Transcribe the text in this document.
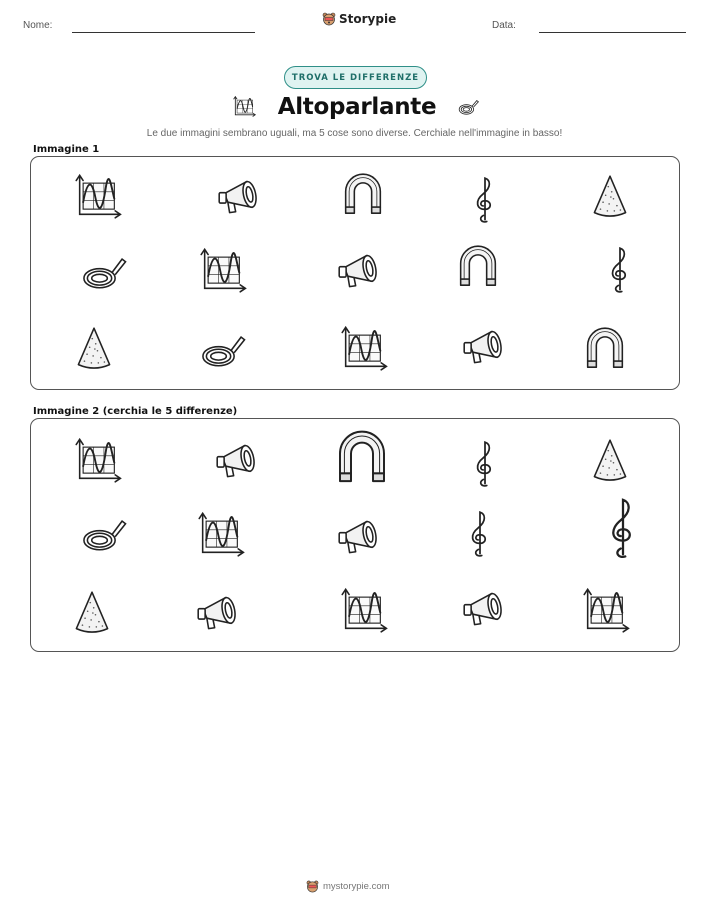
Nome:	Storypie	Data:
TROVA LE DIFFERENZE
Altoparlante
Le due immagini sembrano uguali, ma 5 cose sono diverse. Cerchiale nell'immagine in basso!
Immagine 1
Immagine 2 (cerchia le 5 differenze)
mystorypie.com
